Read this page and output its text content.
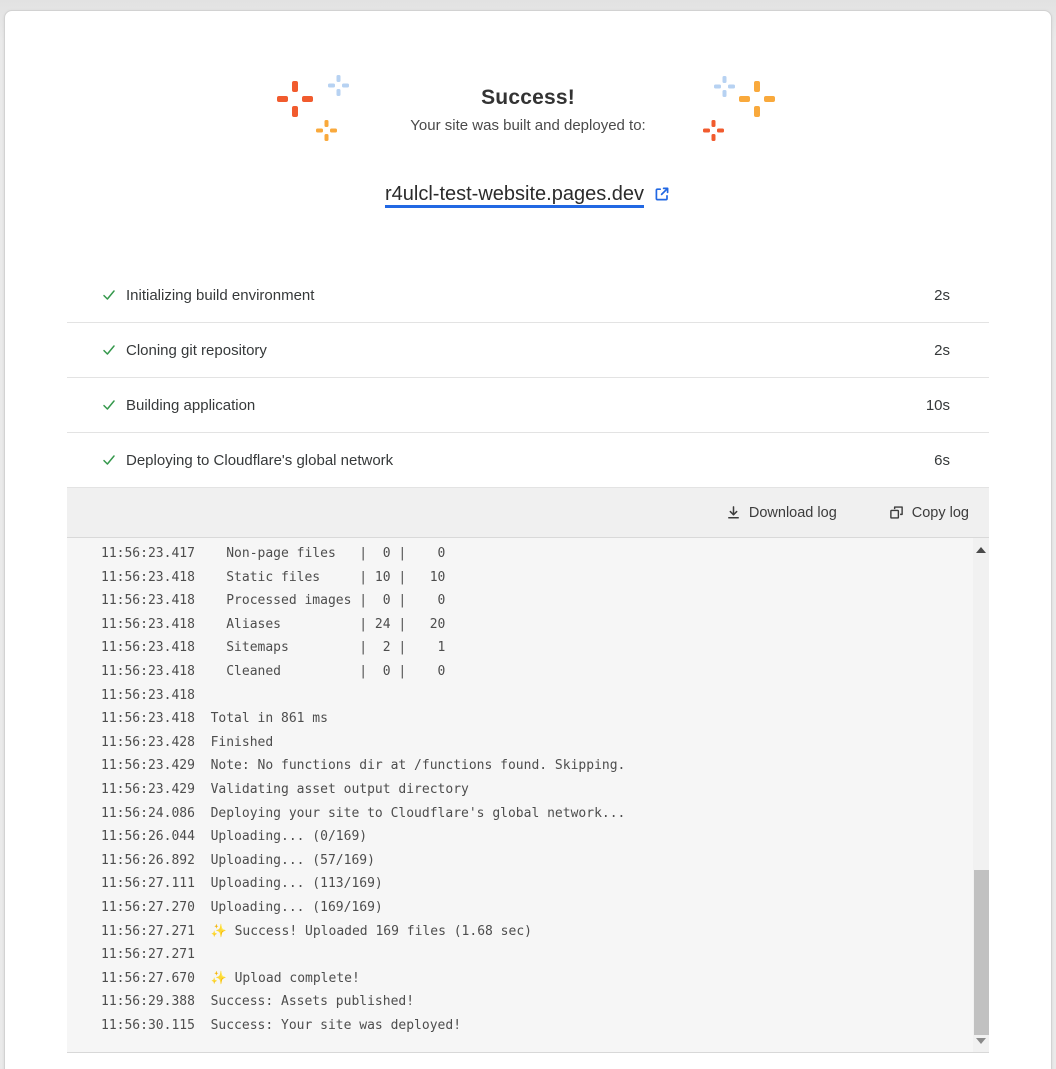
Success!

Your site was built and deployed to:

r4ulcl-test-website.pages.dev
Initializing build environment	2s
Cloning git repository	2s
Building application	10s
Deploying to Cloudflare's global network	6s
Download log	Copy log
11:56:23.417  Non-page files   |  0 |    0
11:56:23.418  Static files     | 10 |   10
11:56:23.418  Processed images |  0 |    0
11:56:23.418  Aliases          | 24 |   20
11:56:23.418  Sitemaps         |  2 |    1
11:56:23.418  Cleaned          |  0 |    0
11:56:23.418
11:56:23.418 Total in 861 ms
11:56:23.428 Finished
11:56:23.429 Note: No functions dir at /functions found. Skipping.
11:56:23.429 Validating asset output directory
11:56:24.086 Deploying your site to Cloudflare's global network...
11:56:26.044 Uploading... (0/169)
11:56:26.892 Uploading... (57/169)
11:56:27.111 Uploading... (113/169)
11:56:27.270 Uploading... (169/169)
11:56:27.271 ✨ Success! Uploaded 169 files (1.68 sec)
11:56:27.271
11:56:27.670 ✨ Upload complete!
11:56:29.388 Success: Assets published!
11:56:30.115 Success: Your site was deployed!
